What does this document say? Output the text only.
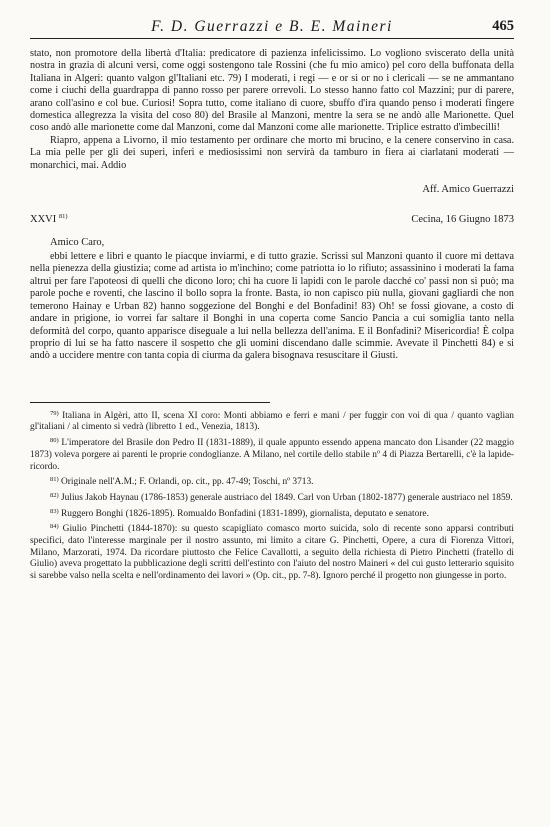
F. D. Guerrazzi e B. E. Maineri	465

stato, non promotore della libertà d'Italia: predicatore di pazienza infelicissimo. Lo vogliono sviscerato della unità nostra in grazia di alcuni versi, come oggi sostengono tale Rossini (che fu mio amico) pel coro della buffonata della Italiana in Algeri: quanto valgon gl'Italiani etc. 79) I moderati, i regi — e or sì or no i clericali — se ne ammantano come i ciuchi della guardrappa di panno rosso per parere orrevoli. Lo stesso hanno fatto col Mazzini; pur di parere, arano coll'asino e col bue. Curiosi! Sopra tutto, come italiano di cuore, sbuffo d'ira quando penso i moderati fingere domestica allegrezza la visita del coso 80) del Brasile al Manzoni, mentre la sera se ne andò alle Marionette. Quel coso andò alle marionette come dal Manzoni, come dal Manzoni come alle marionette. Triplice estratto d'imbecilli!

Riapro, appena a Livorno, il mio testamento per ordinare che morto mi brucino, e la cenere conservino in casa. La mia pelle per gli dei superi, inferi e mediosissimi non servirà da tamburo in fiera ai ciarlatani moderati — monarchici, mai. Addio

Aff. Amico Guerrazzi
XXVI $^{81)}$	Cecina, 16 Giugno 1873
Amico Caro,

ebbi lettere e libri e quanto le piacque inviarmi, e di tutto grazie. Scrissi sul Manzoni quanto il cuore mi dettava nella pienezza della giustizia; come ad artista io m'inchino; come patriotta io lo rifiuto; assassinino i moderati la fama altrui per fare l'apoteosi di quelli che dicono loro; chi ha cuore li lapidi con le parole dacché co' passi non si può; ma parole poche e roventi, che lascino il bollo sopra la fronte. Basta, io non capisco più nulla, giovani gagliardi che non temerono Hainay e Urban 82) hanno soggezione del Bonghi e del Bonfadini! 83) Oh! se fossi giovane, a costo di andare in prigione, io vorrei far saltare il Bonghi in una coperta come Sancio Pancia a cui somiglia tanto nella deformità del corpo, quanto apparisce diseguale a lui nella bellezza dell'anima. E il Bonfadini? Misericordia! È colpa proprio di lui se ha fatto nascere il sospetto che gli uomini discendano dalle scimmie. Avevate il Pinchetti 84) e si andò a uccidere mentre con tanta copia di ciurma da galera bisognava resuscitare il Giusti.

$^{79)}$ Italiana in Algèri, atto II, scena XI coro: Monti abbiamo e ferri e mani / per fuggir con voi di qua / quanto vaglian gl'italiani / al cimento si vedrà (libretto 1 ed., Venezia, 1813).

$^{80)}$ L'imperatore del Brasile don Pedro II (1831-1889), il quale appunto essendo appena mancato don Lisander (22 maggio 1873) voleva porgere ai parenti le proprie condoglianze. A Milano, nel cortile dello stabile nº 4 di Piazza Bertarelli, c'è la lapide-ricordo.

$^{81)}$ Originale nell'A.M.; F. Orlandi, op. cit., pp. 47-49; Toschi, nº 3713.

$^{82)}$ Julius Jakob Haynau (1786-1853) generale austriaco del 1849. Carl von Urban (1802-1877) generale austriaco nel 1859.

$^{83)}$ Ruggero Bonghi (1826-1895). Romualdo Bonfadini (1831-1899), giornalista, deputato e senatore.

$^{84)}$ Giulio Pinchetti (1844-1870): su questo scapigliato comasco morto suicida, solo di recente sono apparsi contributi specifici, dato l'interesse marginale per il nostro assunto, mi limito a citare G. Pinchetti, Opere, a cura di Fiorenza Vittori, Milano, Marzorati, 1974. Da ricordare piuttosto che Felice Cavallotti, a seguito della richiesta di Pietro Pinchetti (fratello di Giulio) aveva progettato la pubblicazione degli scritti dell'estinto con l'aiuto del nostro Maineri « del cui gusto letterario squisito si sarebbe valso nella scelta e nell'ordinamento dei lavori » (Op. cit., pp. 7-8). Ignoro perché il progetto non giungesse in porto.
